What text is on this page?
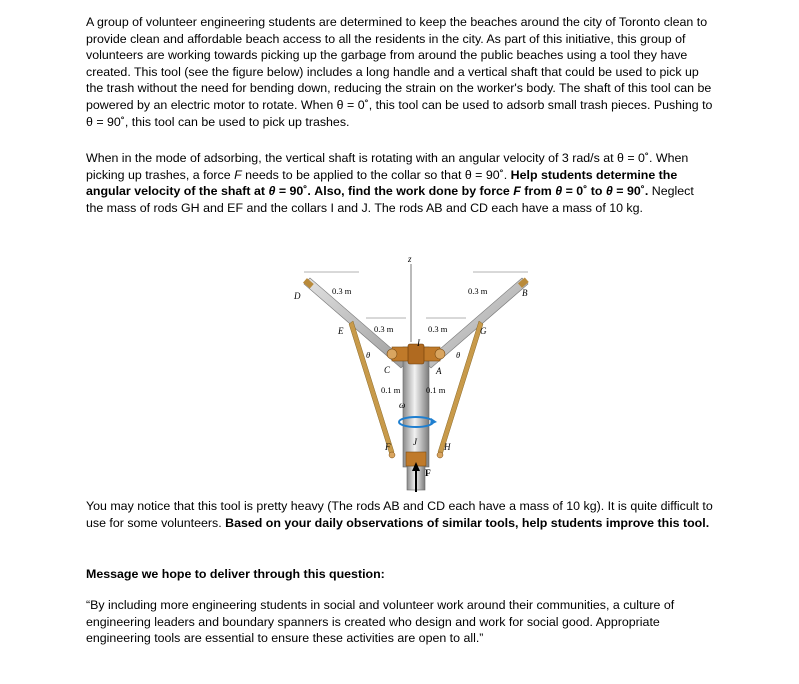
A group of volunteer engineering students are determined to keep the beaches around the city of Toronto clean to provide clean and affordable beach access to all the residents in the city. As part of this initiative, this group of volunteers are working towards picking up the garbage from around the public beaches using a tool they have created. This tool (see the figure below) includes a long handle and a vertical shaft that could be used to pick up the trash without the need for bending down, reducing the strain on the worker's body. The shaft of this tool can be powered by an electric motor to rotate. When θ = 0˚, this tool can be used to adsorb small trash pieces. Pushing to θ = 90˚, this tool can be used to pick up trashes.

When in the mode of adsorbing, the vertical shaft is rotating with an angular velocity of 3 rad/s at θ = 0˚. When picking up trashes, a force F needs to be applied to the collar so that θ = 90˚. Help students determine the angular velocity of the shaft at θ = 90˚. Also, find the work done by force F from θ = 0˚ to θ = 90˚. Neglect the mass of rods GH and EF and the collars I and J. The rods AB and CD each have a mass of 10 kg.

z
D	0.3 m	0.3 m	B
E	0.3 m	0.3 m	G
I
θ	θ
C	A
0.1 m	0.1 m
ω
J
F	H
F

You may notice that this tool is pretty heavy (The rods AB and CD each have a mass of 10 kg). It is quite difficult to use for some volunteers. Based on your daily observations of similar tools, help students improve this tool.

Message we hope to deliver through this question:

“By including more engineering students in social and volunteer work around their communities, a culture of engineering leaders and boundary spanners is created who design and work for social good. Appropriate engineering tools are essential to ensure these activities are open to all.”
